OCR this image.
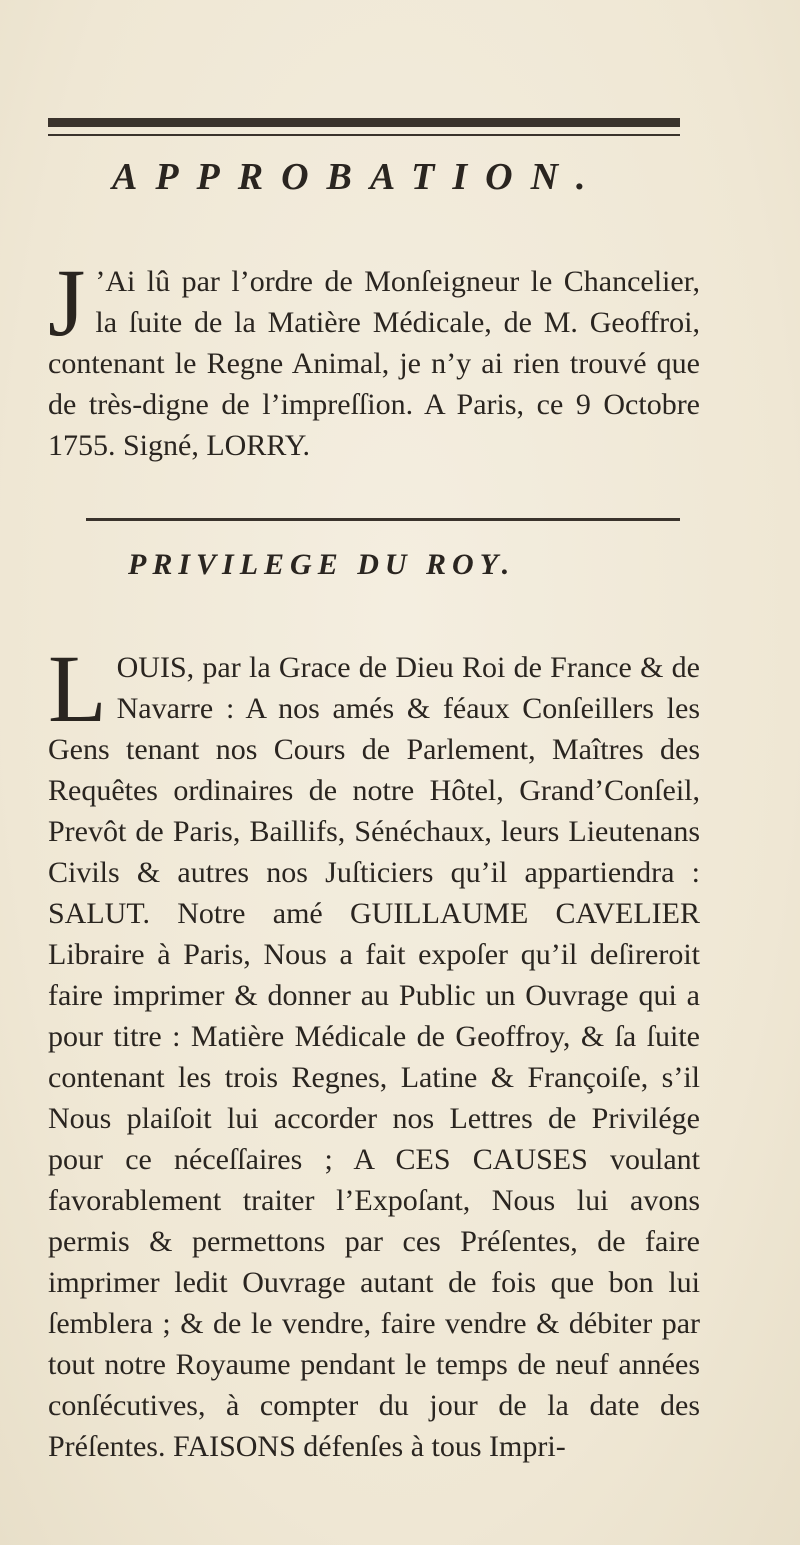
APPROBATION.

J ’Ai lû par l’ordre de Monſeigneur le Chancelier, la ſuite de la Matière Médicale, de M. Geoffroi, contenant le Regne Animal, je n’y ai rien trouvé que de très-digne de l’impreſſion. A Paris, ce 9 Octobre 1755. Signé, LORRY.

PRIVILEGE DU ROY.

LOUIS, par la Grace de Dieu Roi de France & de Navarre : A nos amés & féaux Conſeillers les Gens tenant nos Cours de Parlement, Maîtres des Requêtes ordinaires de notre Hôtel, Grand’Conſeil, Prevôt de Paris, Baillifs, Sénéchaux, leurs Lieutenans Civils & autres nos Juſticiers qu’il appartiendra : SALUT. Notre amé GUILLAUME CAVELIER Libraire à Paris, Nous a fait expoſer qu’il deſireroit faire imprimer & donner au Public un Ouvrage qui a pour titre : Matière Médicale de Geoffroy, & ſa ſuite contenant les trois Regnes, Latine & Françoiſe, s’il Nous plaiſoit lui accorder nos Lettres de Privilége pour ce néceſſaires ; A CES CAUSES voulant favorablement traiter l’Expoſant, Nous lui avons permis & permettons par ces Préſentes, de faire imprimer ledit Ouvrage autant de fois que bon lui ſemblera ; & de le vendre, faire vendre & débiter par tout notre Royaume pendant le temps de neuf années conſécutives, à compter du jour de la date des Préſentes. FAISONS défenſes à tous Impri-
